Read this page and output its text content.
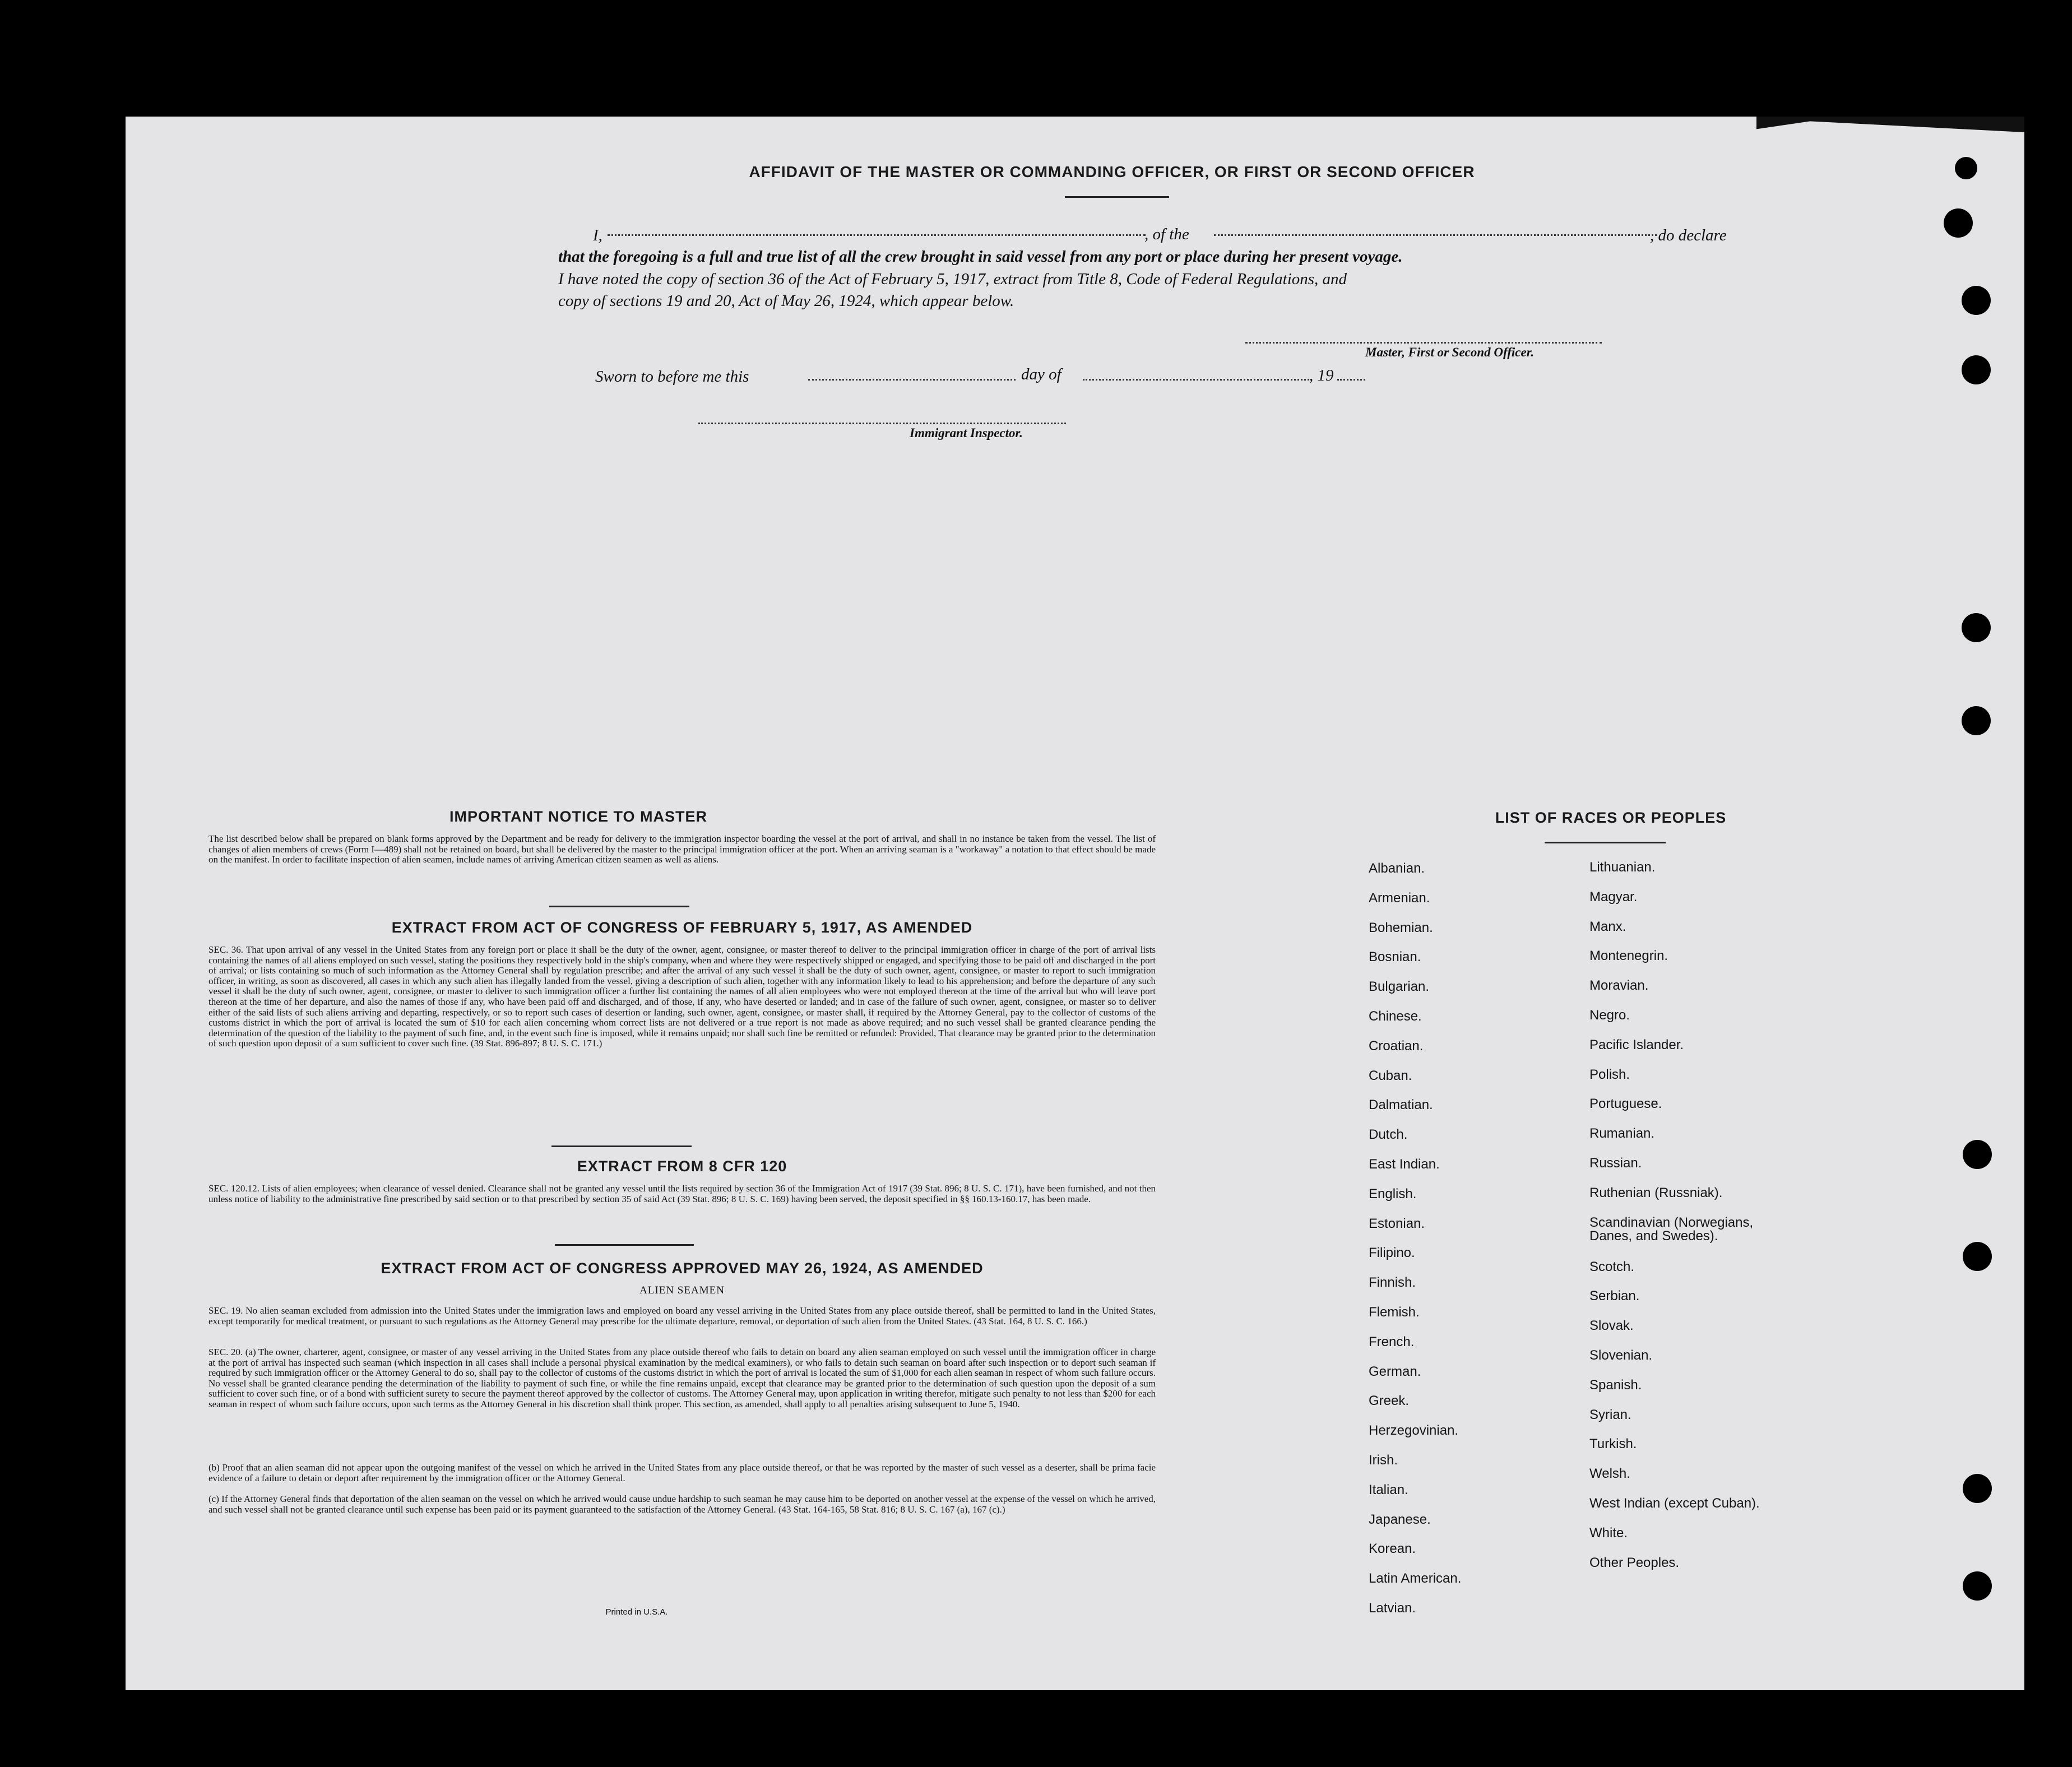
AFFIDAVIT OF THE MASTER OR COMMANDING OFFICER, OR FIRST OR SECOND OFFICER
I,	, of the	, do declare
that the foregoing is a full and true list of all the crew brought in said vessel from any port or place during her present voyage.
I have noted the copy of section 36 of the Act of February 5, 1917, extract from Title 8, Code of Federal Regulations, and
copy of sections 19 and 20, Act of May 26, 1924, which appear below.
Master, First or Second Officer.
Sworn to before me this	day of	, 19
Immigrant Inspector.
IMPORTANT NOTICE TO MASTER
The list described below shall be prepared on blank forms approved by the Department and be ready for delivery to the immigration inspector boarding the vessel at the port of arrival, and shall in no instance be taken from the vessel. The list of changes of alien members of crews (Form I—489) shall not be retained on board, but shall be delivered by the master to the principal immigration officer at the port. When an arriving seaman is a "workaway" a notation to that effect should be made on the manifest. In order to facilitate inspection of alien seamen, include names of arriving American citizen seamen as well as aliens.
EXTRACT FROM ACT OF CONGRESS OF FEBRUARY 5, 1917, AS AMENDED
SEC. 36. That upon arrival of any vessel in the United States from any foreign port or place it shall be the duty of the owner, agent, consignee, or master thereof to deliver to the principal immigration officer in charge of the port of arrival lists containing the names of all aliens employed on such vessel, stating the positions they respectively hold in the ship's company, when and where they were respectively shipped or engaged, and specifying those to be paid off and discharged in the port of arrival; or lists containing so much of such information as the Attorney General shall by regulation prescribe; and after the arrival of any such vessel it shall be the duty of such owner, agent, consignee, or master to report to such immigration officer, in writing, as soon as discovered, all cases in which any such alien has illegally landed from the vessel, giving a description of such alien, together with any information likely to lead to his apprehension; and before the departure of any such vessel it shall be the duty of such owner, agent, consignee, or master to deliver to such immigration officer a further list containing the names of all alien employees who were not employed thereon at the time of the arrival but who will leave port thereon at the time of her departure, and also the names of those if any, who have been paid off and discharged, and of those, if any, who have deserted or landed; and in case of the failure of such owner, agent, consignee, or master so to deliver either of the said lists of such aliens arriving and departing, respectively, or so to report such cases of desertion or landing, such owner, agent, consignee, or master shall, if required by the Attorney General, pay to the collector of customs of the customs district in which the port of arrival is located the sum of $10 for each alien concerning whom correct lists are not delivered or a true report is not made as above required; and no such vessel shall be granted clearance pending the determination of the question of the liability to the payment of such fine, and, in the event such fine is imposed, while it remains unpaid; nor shall such fine be remitted or refunded: Provided, That clearance may be granted prior to the determination of such question upon deposit of a sum sufficient to cover such fine. (39 Stat. 896-897; 8 U. S. C. 171.)
EXTRACT FROM 8 CFR 120
SEC. 120.12. Lists of alien employees; when clearance of vessel denied. Clearance shall not be granted any vessel until the lists required by section 36 of the Immigration Act of 1917 (39 Stat. 896; 8 U. S. C. 171), have been furnished, and not then unless notice of liability to the administrative fine prescribed by said section or to that prescribed by section 35 of said Act (39 Stat. 896; 8 U. S. C. 169) having been served, the deposit specified in §§ 160.13-160.17, has been made.
EXTRACT FROM ACT OF CONGRESS APPROVED MAY 26, 1924, AS AMENDED
ALIEN SEAMEN
SEC. 19. No alien seaman excluded from admission into the United States under the immigration laws and employed on board any vessel arriving in the United States from any place outside thereof, shall be permitted to land in the United States, except temporarily for medical treatment, or pursuant to such regulations as the Attorney General may prescribe for the ultimate departure, removal, or deportation of such alien from the United States. (43 Stat. 164, 8 U. S. C. 166.)
SEC. 20. (a) The owner, charterer, agent, consignee, or master of any vessel arriving in the United States from any place outside thereof who fails to detain on board any alien seaman employed on such vessel until the immigration officer in charge at the port of arrival has inspected such seaman (which inspection in all cases shall include a personal physical examination by the medical examiners), or who fails to detain such seaman on board after such inspection or to deport such seaman if required by such immigration officer or the Attorney General to do so, shall pay to the collector of customs of the customs district in which the port of arrival is located the sum of $1,000 for each alien seaman in respect of whom such failure occurs. No vessel shall be granted clearance pending the determination of the liability to payment of such fine, or while the fine remains unpaid, except that clearance may be granted prior to the determination of such question upon the deposit of a sum sufficient to cover such fine, or of a bond with sufficient surety to secure the payment thereof approved by the collector of customs. The Attorney General may, upon application in writing therefor, mitigate such penalty to not less than $200 for each seaman in respect of whom such failure occurs, upon such terms as the Attorney General in his discretion shall think proper. This section, as amended, shall apply to all penalties arising subsequent to June 5, 1940.
(b) Proof that an alien seaman did not appear upon the outgoing manifest of the vessel on which he arrived in the United States from any place outside thereof, or that he was reported by the master of such vessel as a deserter, shall be prima facie evidence of a failure to detain or deport after requirement by the immigration officer or the Attorney General.
(c) If the Attorney General finds that deportation of the alien seaman on the vessel on which he arrived would cause undue hardship to such seaman he may cause him to be deported on another vessel at the expense of the vessel on which he arrived, and such vessel shall not be granted clearance until such expense has been paid or its payment guaranteed to the satisfaction of the Attorney General. (43 Stat. 164-165, 58 Stat. 816; 8 U. S. C. 167 (a), 167 (c).)
Printed in U.S.A.
LIST OF RACES OR PEOPLES
Albanian.
Armenian.
Bohemian.
Bosnian.
Bulgarian.
Chinese.
Croatian.
Cuban.
Dalmatian.
Dutch.
East Indian.
English.
Estonian.
Filipino.
Finnish.
Flemish.
French.
German.
Greek.
Herzegovinian.
Irish.
Italian.
Japanese.
Korean.
Latin American.
Latvian.
Lithuanian.
Magyar.
Manx.
Montenegrin.
Moravian.
Negro.
Pacific Islander.
Polish.
Portuguese.
Rumanian.
Russian.
Ruthenian (Russniak).
Scandinavian (Norwegians,
Danes, and Swedes).
Scotch.
Serbian.
Slovak.
Slovenian.
Spanish.
Syrian.
Turkish.
Welsh.
West Indian (except Cuban).
White.
Other Peoples.
